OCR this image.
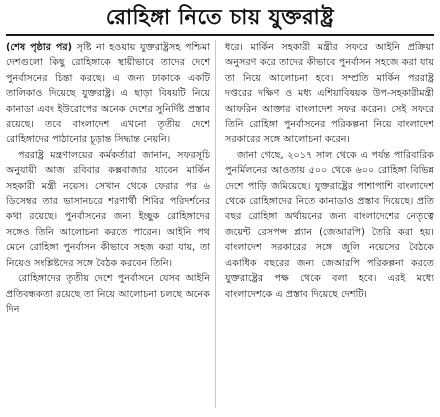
রোহিঙ্গা নিতে চায় যুক্তরাষ্ট্র

(শেষ পৃষ্ঠার পর) সৃষ্টি না হওয়ায় যুক্তরাষ্ট্রসহ পশ্চিমা দেশগুলো কিছু রোহিঙ্গাকে স্থায়ীভাবে তাদের দেশে পুনর্বাসনের চিন্তা করছে। এ জন্য ঢাকাকে একটি তালিকাও দিয়েছে যুক্তরাষ্ট্র। এ ছাড়া বিষয়টি নিয়ে কানাডা এবং ইউরোপের অনেক দেশের সুনির্দিষ্ট প্রস্তাব রয়েছে। তবে বাংলাদেশ এখনো তৃতীয় দেশে রোহিঙ্গাদের পাঠানোর চূড়ান্ত সিদ্ধান্ত নেয়নি।

পররাষ্ট্র মন্ত্রণালয়ের কর্মকর্তারা জানান, সফরসূচি অনুযায়ী আজ রবিবার কক্সবাজার যাবেন মার্কিন সহকারী মন্ত্রী নয়েস। সেখান থেকে ফেরার পর ৬ ডিসেম্বর তার ভাসানচরে শরণার্থী শিবির পরিদর্শনের কথা রয়েছে। পুনর্বাসনের জন্য ইচ্ছুক রোহিঙ্গাদের সঙ্গেও তিনি আলোচনা করতে পারেন। আইনি পথ মেনে রোহিঙ্গা পুনর্বাসন কীভাবে সহজ করা যায়, তা নিয়েও সংশ্লিষ্টদের সঙ্গে বৈঠক করবেন তিনি।

রোহিঙ্গাদের তৃতীয় দেশে পুনর্বাসনে যেসব আইনি প্রতিবন্ধকতা রয়েছে তা নিয়ে আলোচনা চলছে অনেক দিন

ধরে। মার্কিন সহকারী মন্ত্রীর সফরে আইনি প্রক্রিয়া অনুসরণ করে তাদের কীভাবে পুনর্বাসন সহজে করা যায় তা নিয়ে আলোচনা হবে। সম্প্রতি মার্কিন পররাষ্ট্র দপ্তরের দক্ষিণ ও মধ্য এশিয়াবিষয়ক উপ-সহকারীমন্ত্রী আফরিন আক্তার বাংলাদেশ সফর করেন। সেই সফরে তিনি রোহিঙ্গা পুনর্বাসনের পরিকল্পনা নিয়ে বাংলাদেশ সরকারের সঙ্গে আলোচনা করেন।

জানা গেছে, ২০১৭ সাল থেকে এ পর্যন্ত পারিবারিক পুনর্মিলনের আওতায় ৫০০ থেকে ৬০০ রোহিঙ্গা বিভিন্ন দেশে পাড়ি জমিয়েছে। যুক্তরাষ্ট্রের পাশাপাশি বাংলাদেশ থেকে রোহিঙ্গাদের নিতে কানাডাও প্রস্তাব দিয়েছে। প্রতি বছর রোহিঙ্গা অর্থায়নের জন্য বাংলাদেশের নেতৃত্বে জয়েন্ট রেসপন্স প্ল্যান (জেআরপি) তৈরি করা হয়। বাংলাদেশ সরকারের সঙ্গে জুলি নয়েসের বৈঠকে একাধিক বছরের জন্য জেআরপি পরিকল্পনা করতে যুক্তরাষ্ট্রের পক্ষ থেকে বলা হবে। এরই মধ্যে বাংলাদেশকে এ প্রস্তাব দিয়েছে দেশটি।
